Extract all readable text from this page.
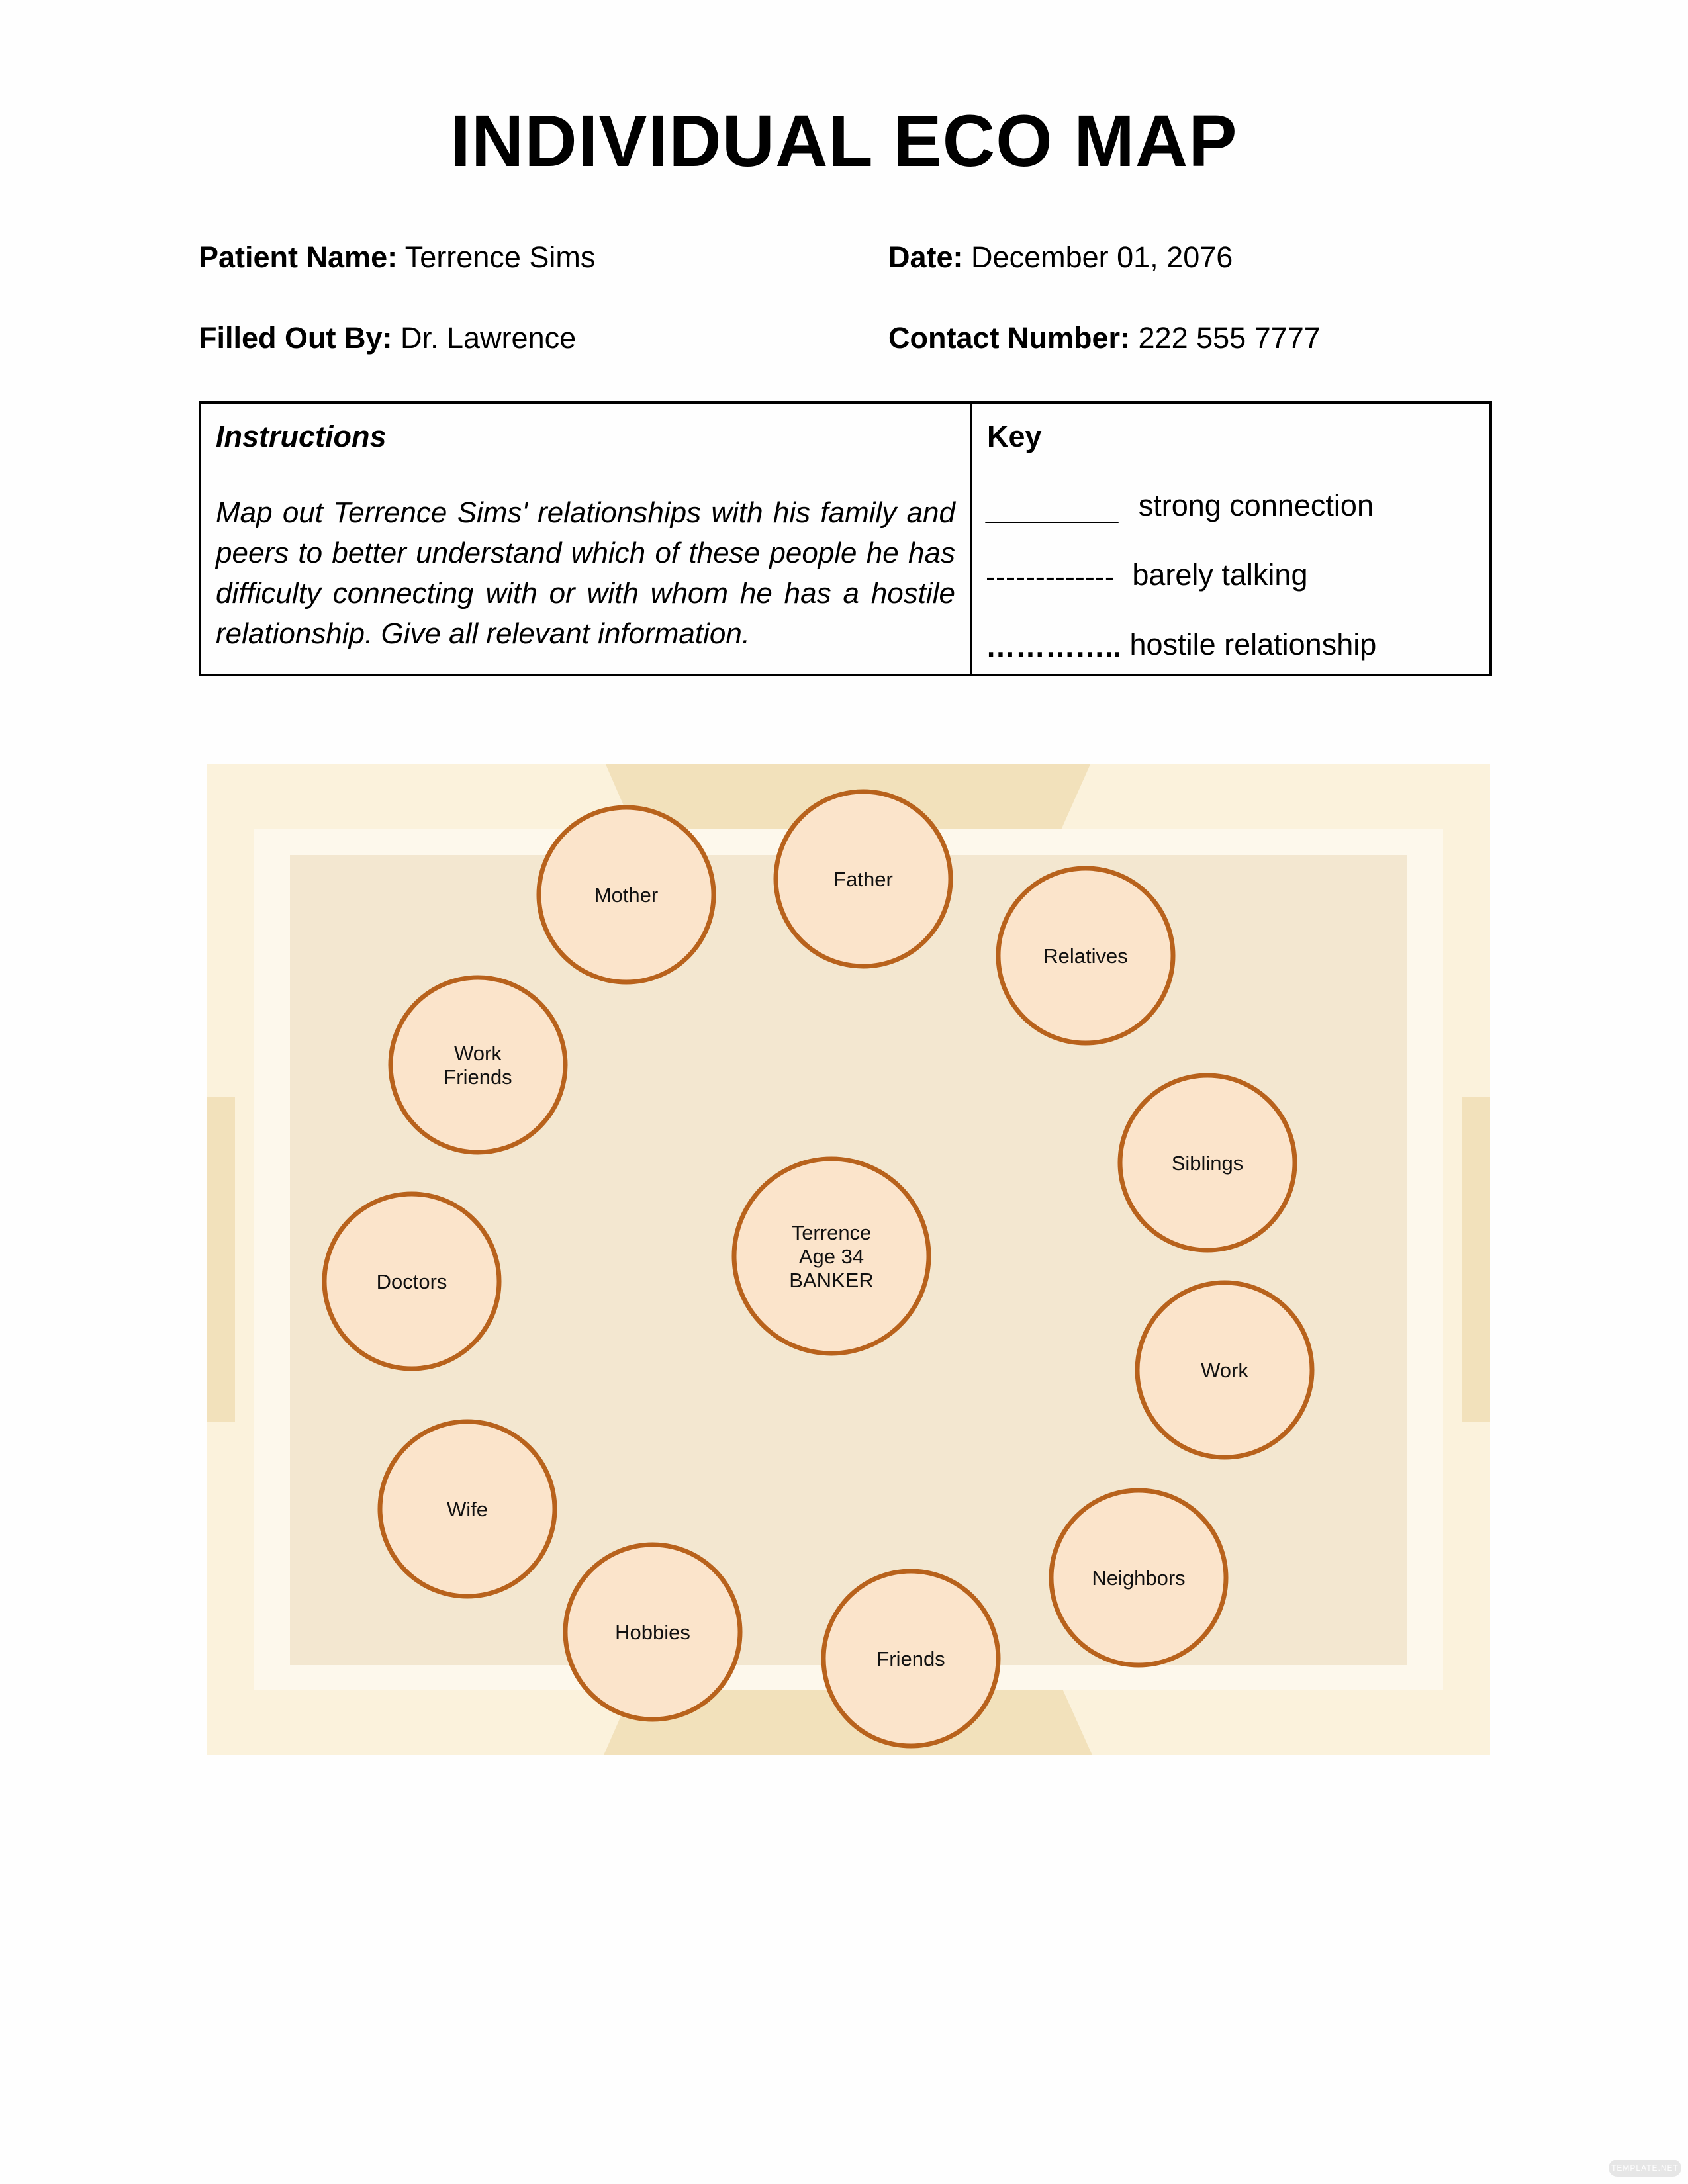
INDIVIDUAL ECO MAP
Patient Name: Terrence Sims	Date: December 01, 2076
Filled Out By: Dr. Lawrence	Contact Number: 222 555 7777
Instructions
Map out Terrence Sims' relationships with his family and peers to better understand which of these people he has difficulty connecting with or with whom he has a hostile relationship. Give all relevant information.
Key
________ strong connection
------------- barely talking
………….. hostile relationship
Mother
Father
Relatives
Work
Friends
Siblings
Doctors
Work
Wife
Neighbors
Hobbies
Friends
Terrence
Age 34
BANKER
TEMPLATE.NET
